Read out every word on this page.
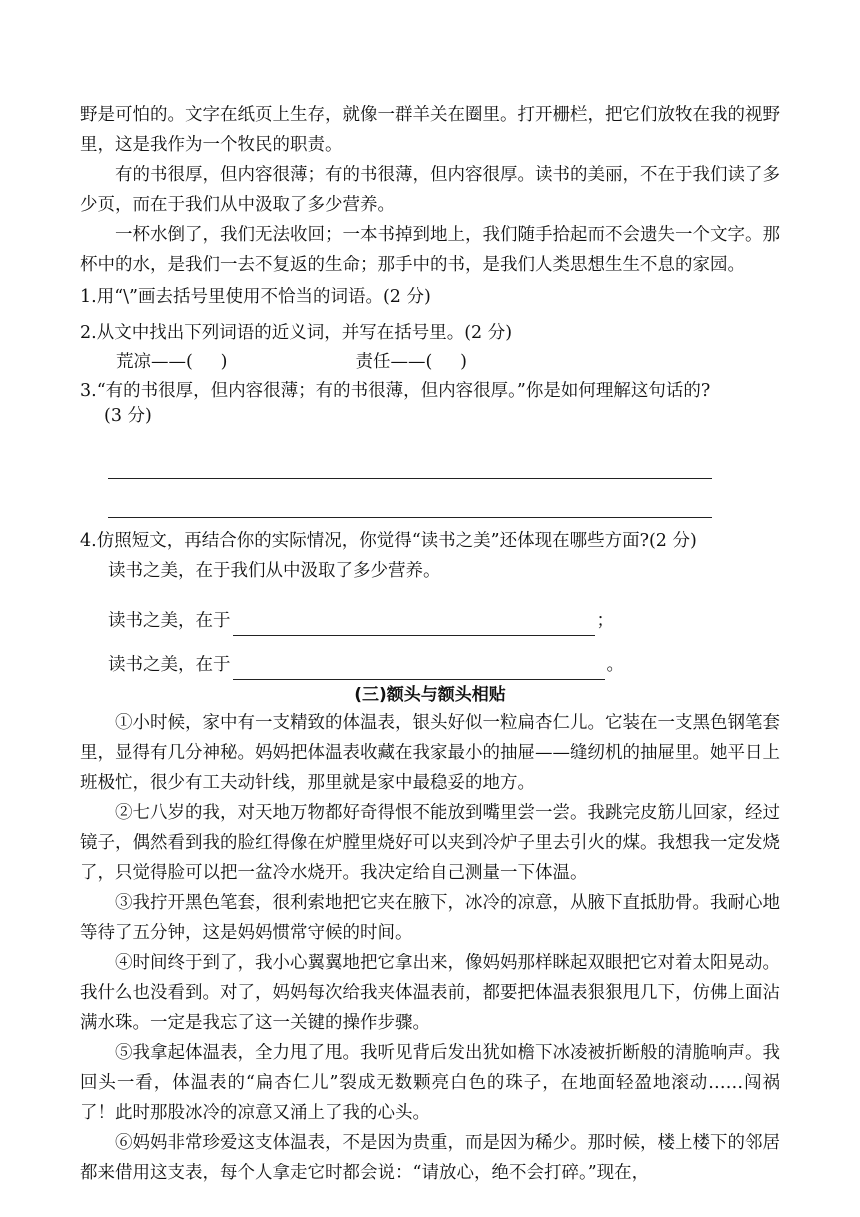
野是可怕的。文字在纸页上生存，就像一群羊关在圈里。打开栅栏，把它们放牧在我的视野里，这是我作为一个牧民的职责。

有的书很厚，但内容很薄；有的书很薄，但内容很厚。读书的美丽，不在于我们读了多少页，而在于我们从中汲取了多少营养。

一杯水倒了，我们无法收回；一本书掉到地上，我们随手拾起而不会遗失一个文字。那杯中的水，是我们一去不复返的生命；那手中的书，是我们人类思想生生不息的家园。

1.用“\”画去括号里使用不恰当的词语。(2 分)

2.从文中找出下列词语的近义词，并写在括号里。(2 分)

荒凉——(     )	责任——(     )

3.“有的书很厚，但内容很薄；有的书很薄，但内容很厚。”你是如何理解这句话的?

(3 分)

4.仿照短文，再结合你的实际情况，你觉得“读书之美”还体现在哪些方面?(2 分)

读书之美，在于我们从中汲取了多少营养。

读书之美，在于	；
读书之美，在于	。

(三)额头与额头相贴

①小时候，家中有一支精致的体温表，银头好似一粒扁杏仁儿。它装在一支黑色钢笔套里，显得有几分神秘。妈妈把体温表收藏在我家最小的抽屉——缝纫机的抽屉里。她平日上班极忙，很少有工夫动针线，那里就是家中最稳妥的地方。

②七八岁的我，对天地万物都好奇得恨不能放到嘴里尝一尝。我跳完皮筋儿回家，经过镜子，偶然看到我的脸红得像在炉膛里烧好可以夹到冷炉子里去引火的煤。我想我一定发烧了，只觉得脸可以把一盆冷水烧开。我决定给自己测量一下体温。

③我拧开黑色笔套，很利索地把它夹在腋下，冰冷的凉意，从腋下直抵肋骨。我耐心地等待了五分钟，这是妈妈惯常守候的时间。

④时间终于到了，我小心翼翼地把它拿出来，像妈妈那样眯起双眼把它对着太阳晃动。我什么也没看到。对了，妈妈每次给我夹体温表前，都要把体温表狠狠甩几下，仿佛上面沾满水珠。一定是我忘了这一关键的操作步骤。

⑤我拿起体温表，全力甩了甩。我听见背后发出犹如檐下冰凌被折断般的清脆响声。我回头一看，体温表的“扁杏仁儿”裂成无数颗亮白色的珠子，在地面轻盈地滚动……闯祸了！此时那股冰冷的凉意又涌上了我的心头。

⑥妈妈非常珍爱这支体温表，不是因为贵重，而是因为稀少。那时候，楼上楼下的邻居都来借用这支表，每个人拿走它时都会说：“请放心，绝不会打碎。”现在，
